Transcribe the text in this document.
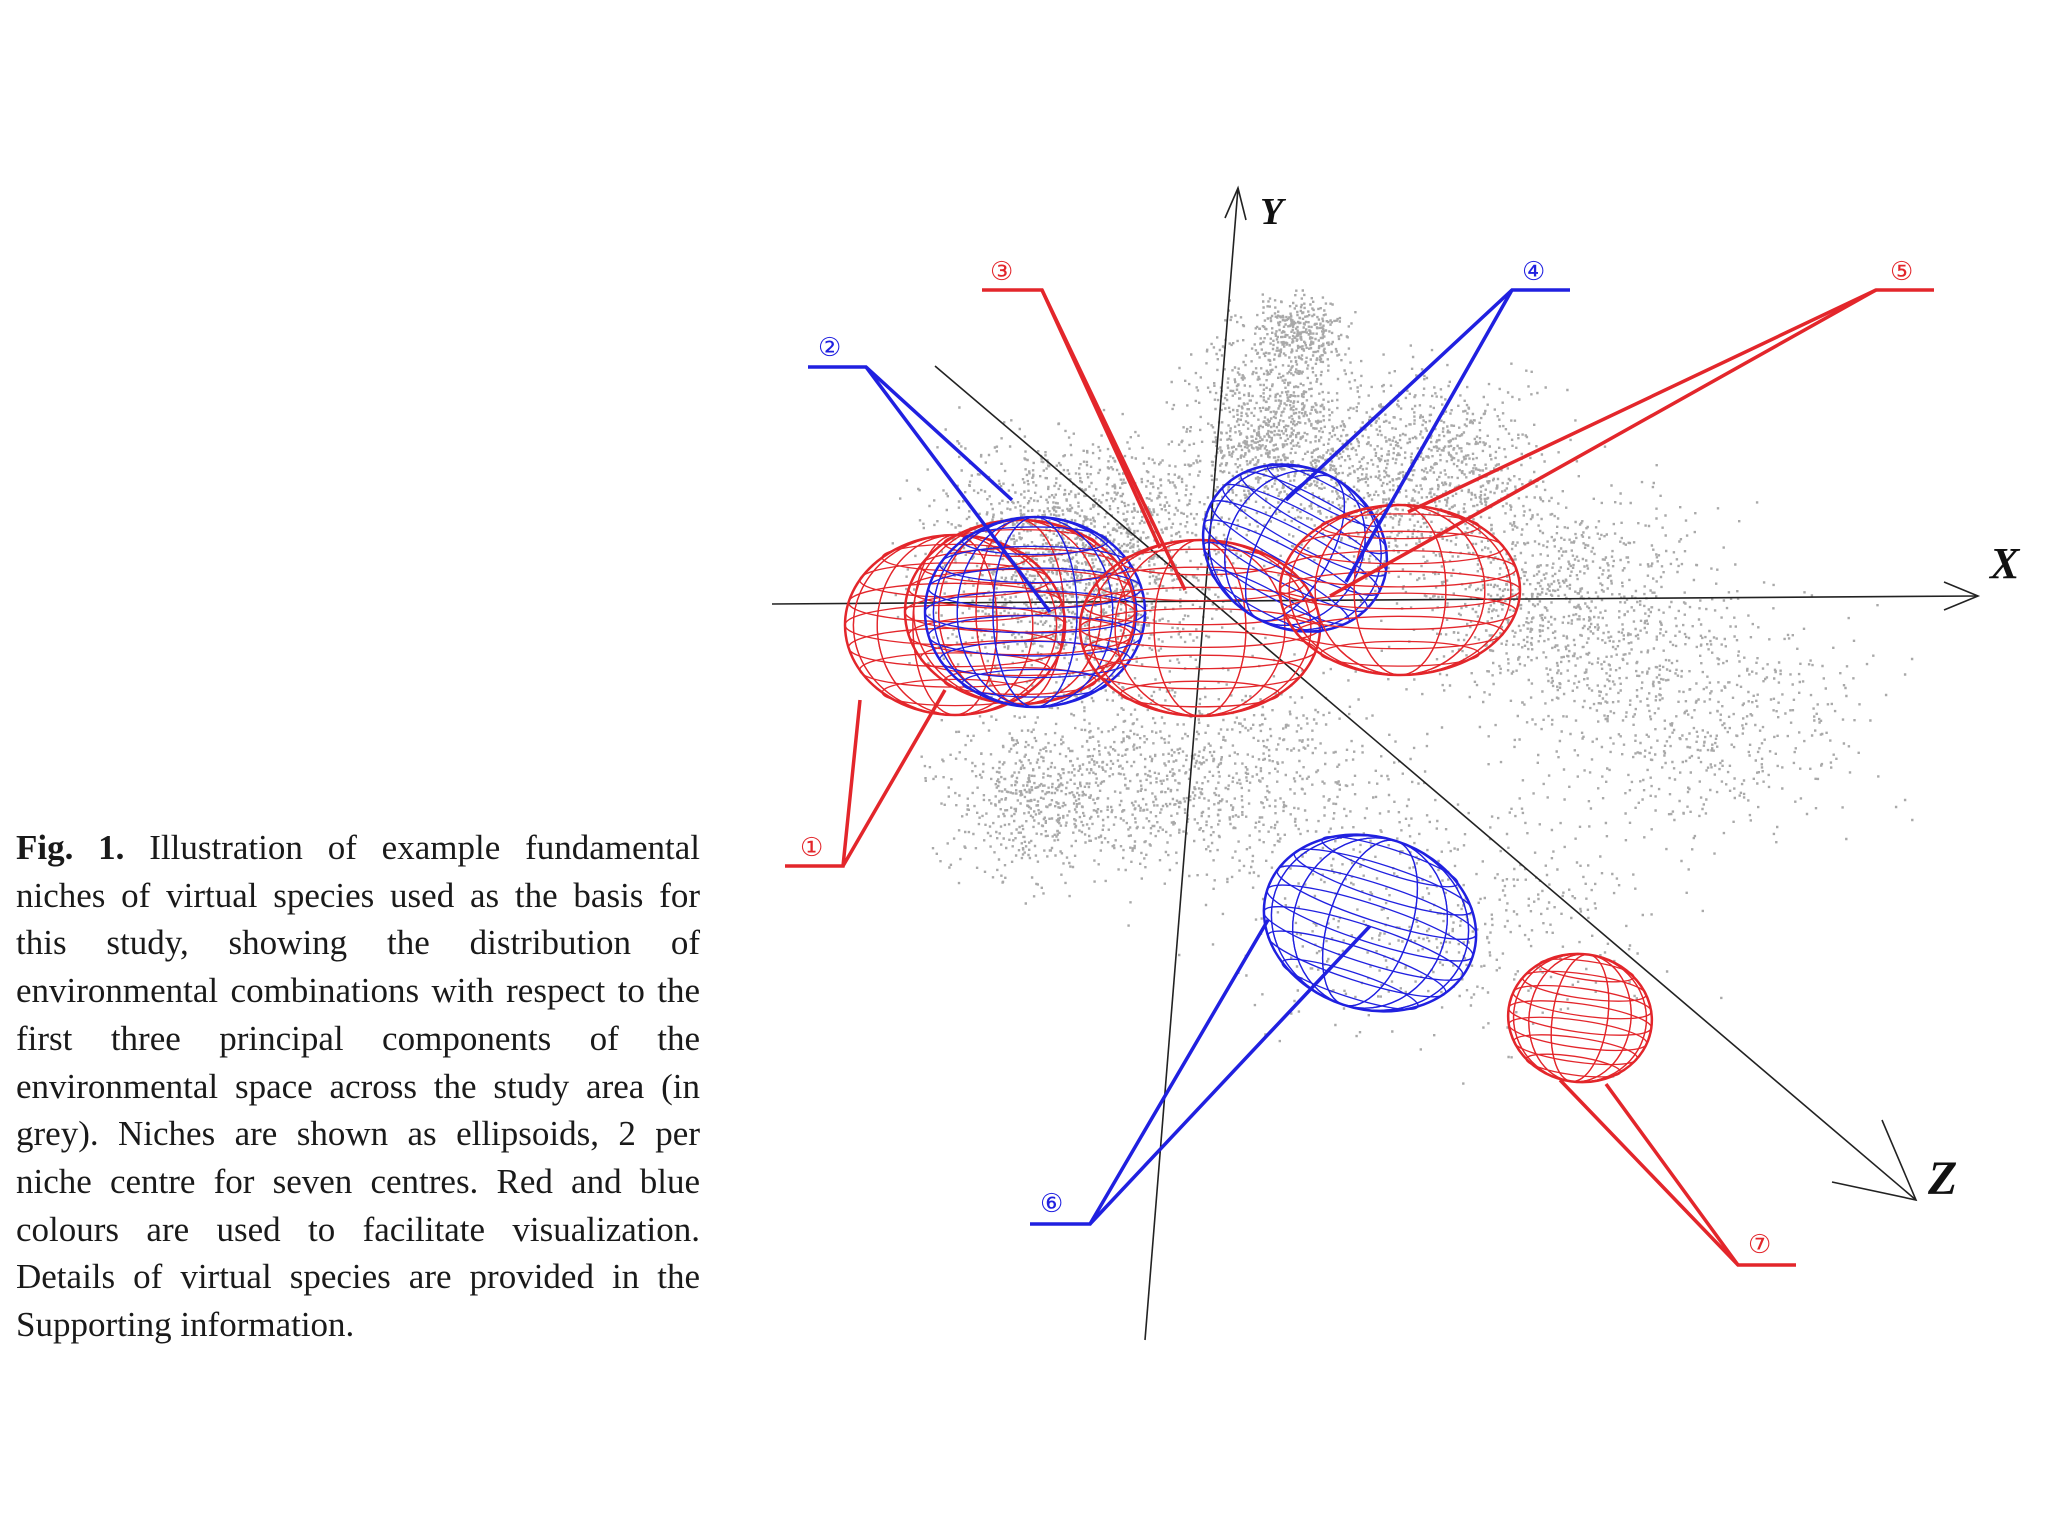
Fig. 1. Illustration of example fundamental niches of virtual species used as the basis for this study, showing the distribution of environmental combinations with respect to the first three principal components of the environmental space across the study area (in grey). Niches are shown as ellipsoids, 2 per niche centre for seven centres. Red and blue colours are used to facilitate visualization. Details of virtual species are provided in the Supporting information.
Y
X
Z
①
②
③	④	⑤
⑥
⑦
